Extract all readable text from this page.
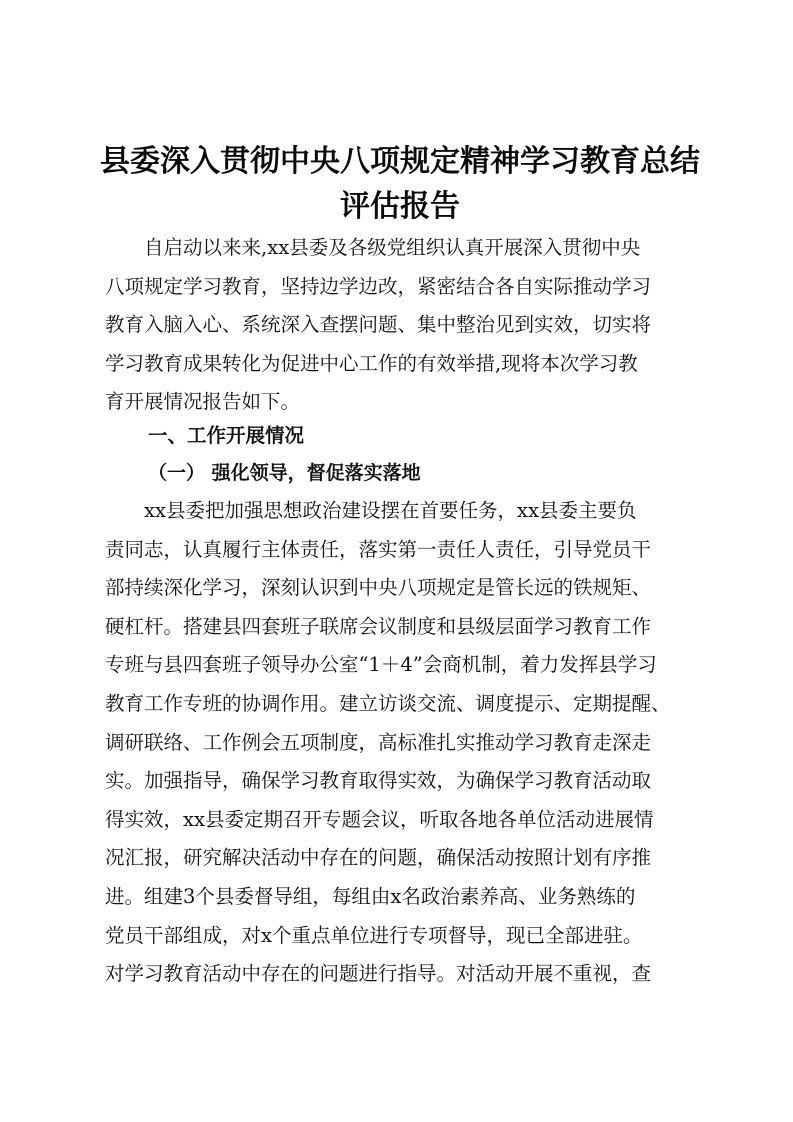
县委深入贯彻中央八项规定精神学习教育总结
评估报告
　　自启动以来来,xx县委及各级党组织认真开展深入贯彻中央
八项规定学习教育，坚持边学边改，紧密结合各自实际推动学习
教育入脑入心、系统深入查摆问题、集中整治见到实效，切实将
学习教育成果转化为促进中心工作的有效举措,现将本次学习教
育开展情况报告如下。
一、工作开展情况
（一） 强化领导，督促落实落地
　　xx县委把加强思想政治建设摆在首要任务，xx县委主要负
责同志，认真履行主体责任，落实第一责任人责任，引导党员干
部持续深化学习，深刻认识到中央八项规定是管长远的铁规矩、
硬杠杆。搭建县四套班子联席会议制度和县级层面学习教育工作
专班与县四套班子领导办公室“1＋4”会商机制，着力发挥县学习
教育工作专班的协调作用。建立访谈交流、调度提示、定期提醒、
调研联络、工作例会五项制度，高标准扎实推动学习教育走深走
实。加强指导，确保学习教育取得实效，为确保学习教育活动取
得实效，xx县委定期召开专题会议，听取各地各单位活动进展情
况汇报，研究解决活动中存在的问题，确保活动按照计划有序推
进。组建3个县委督导组，每组由x名政治素养高、业务熟练的
党员干部组成，对x个重点单位进行专项督导，现已全部进驻。
对学习教育活动中存在的问题进行指导。对活动开展不重视，查
